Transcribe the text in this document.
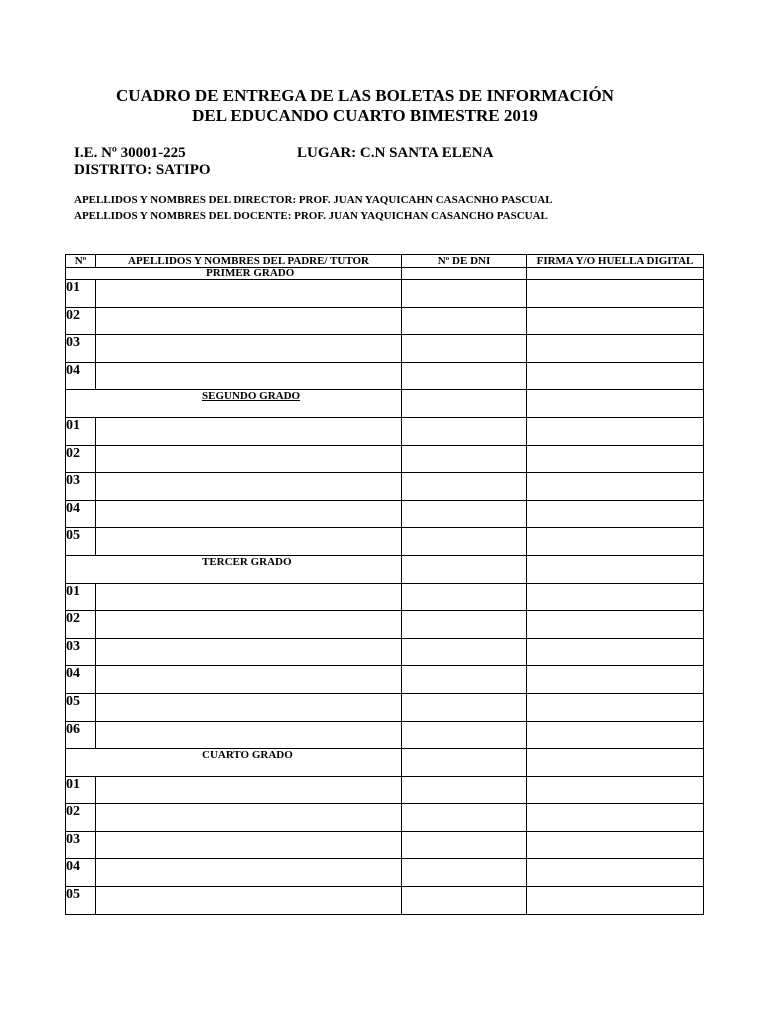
CUADRO DE ENTREGA DE LAS BOLETAS DE INFORMACIÓN
DEL EDUCANDO CUARTO BIMESTRE 2019
I.E. Nº 30001-225	LUGAR: C.N SANTA ELENA
DISTRITO: SATIPO
APELLIDOS Y NOMBRES DEL DIRECTOR: PROF. JUAN YAQUICAHN CASACNHO PASCUAL
APELLIDOS Y NOMBRES DEL DOCENTE: PROF. JUAN YAQUICHAN CASANCHO PASCUAL
Nº	APELLIDOS Y NOMBRES DEL PADRE/ TUTOR	Nº DE DNI	FIRMA Y/O HUELLA DIGITAL
PRIMER GRADO			
01			
02			
03			
04			
SEGUNDO GRADO			
01			
02			
03			
04			
05			
TERCER GRADO			
01			
02			
03			
04			
05			
06			
CUARTO GRADO			
01			
02			
03			
04			
05			
